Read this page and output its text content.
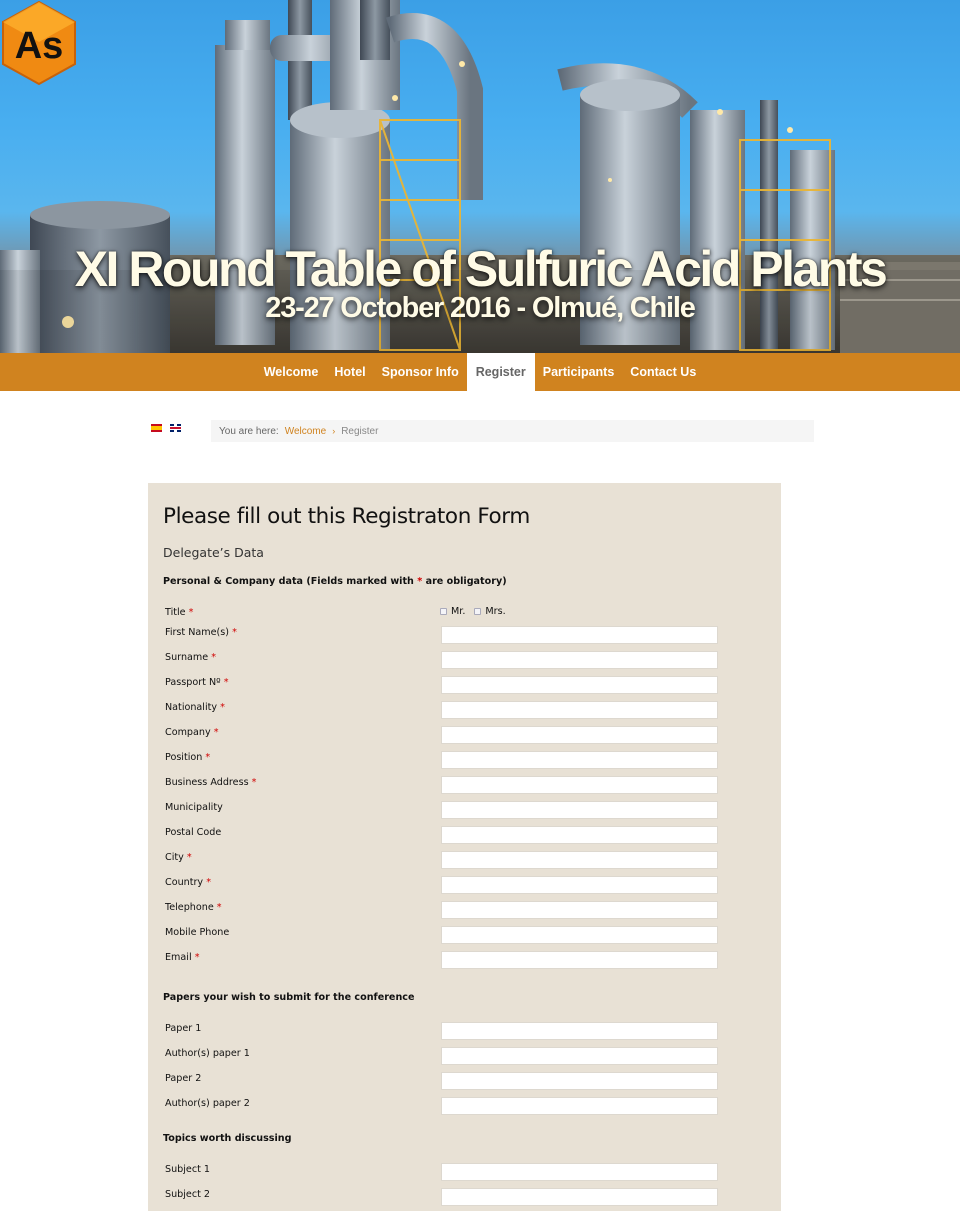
As
XI Round Table of Sulfuric Acid Plants
23-27 October 2016 - Olmué, Chile
Welcome	Hotel	Sponsor Info	Register	Participants	Contact Us
You are here: Welcome › Register
Please fill out this Registraton Form
Delegate’s Data
Personal & Company data (Fields marked with * are obligatory)
Title *	Mr. Mrs.
First Name(s) *
Surname *
Passport Nº *
Nationality *
Company *
Position *
Business Address *
Municipality
Postal Code
City *
Country *
Telephone *
Mobile Phone
Email *
Papers your wish to submit for the conference
Paper 1
Author(s) paper 1
Paper 2
Author(s) paper 2
Topics worth discussing
Subject 1
Subject 2
